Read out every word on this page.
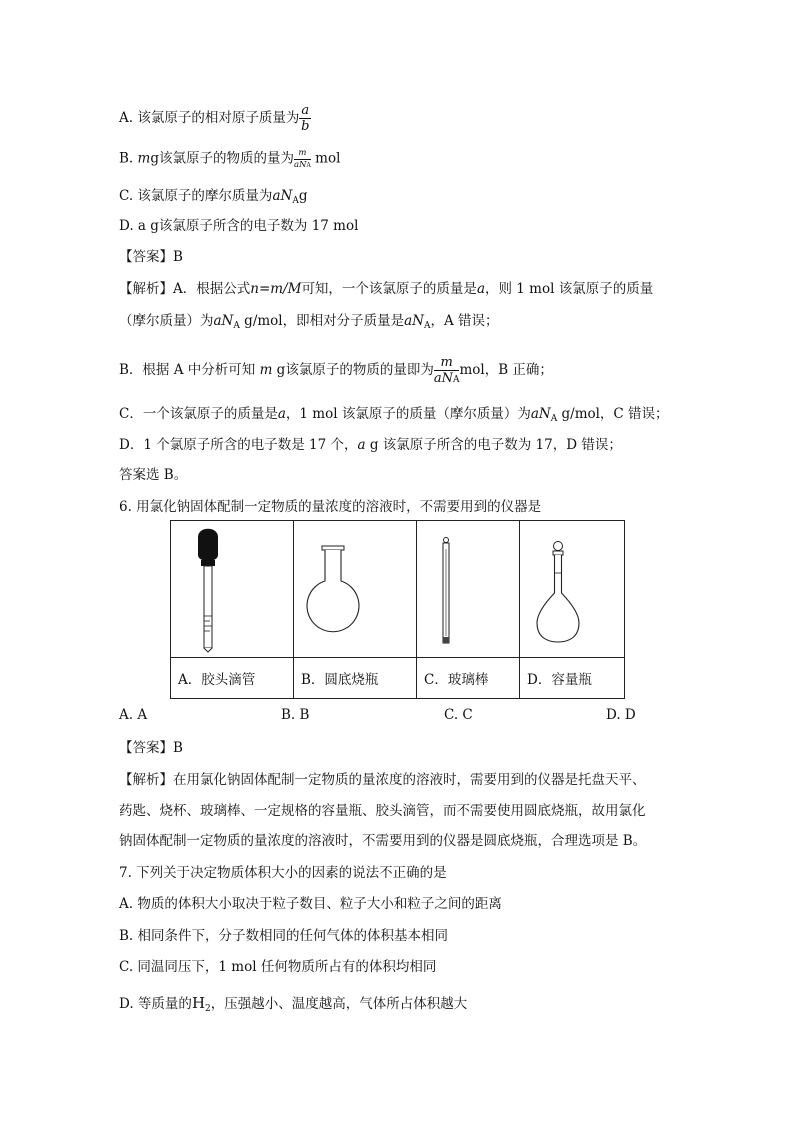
A. 该氯原子的相对原子质量为 $\frac{a}{b}$
B. mg该氯原子的物质的量为 $\frac{m}{\text{aNA}}$ mol
C. 该氯原子的摩尔质量为$aN_Ag$
D. a g该氯原子所含的电子数为 17 mol
【答案】B
【解析】A．根据公式n=m/M可知，一个该氯原子的质量是a，则 1 mol 该氯原子的质量
（摩尔质量）为$aN_A$ g/mol，即相对分子质量是$aN_A$，A 错误；
B．根据 A 中分析可知 m g该氯原子的物质的量即为 $\frac{m}{\text{aNA}}$ mol，B 正确；
C．一个该氯原子的质量是a，1 mol 该氯原子的质量（摩尔质量）为$aN_A$ g/mol，C 错误；
D．1 个氯原子所含的电子数是 17 个，a g 该氯原子所含的电子数为 17，D 错误；
答案选 B。
6. 用氯化钠固体配制一定物质的量浓度的溶液时，不需要用到的仪器是

A．胶头滴管	B．圆底烧瓶	C．玻璃棒	D．容量瓶
A. A	B. B	C. C	D. D
【答案】B
【解析】在用氯化钠固体配制一定物质的量浓度的溶液时，需要用到的仪器是托盘天平、
药匙、烧杯、玻璃棒、一定规格的容量瓶、胶头滴管，而不需要使用圆底烧瓶，故用氯化
钠固体配制一定物质的量浓度的溶液时，不需要用到的仪器是圆底烧瓶，合理选项是 B。
7. 下列关于决定物质体积大小的因素的说法不正确的是
A. 物质的体积大小取决于粒子数目、粒子大小和粒子之间的距离
B. 相同条件下，分子数相同的任何气体的体积基本相同
C. 同温同压下，1 mol 任何物质所占有的体积均相同
D. 等质量的$H_2$，压强越小、温度越高，气体所占体积越大
